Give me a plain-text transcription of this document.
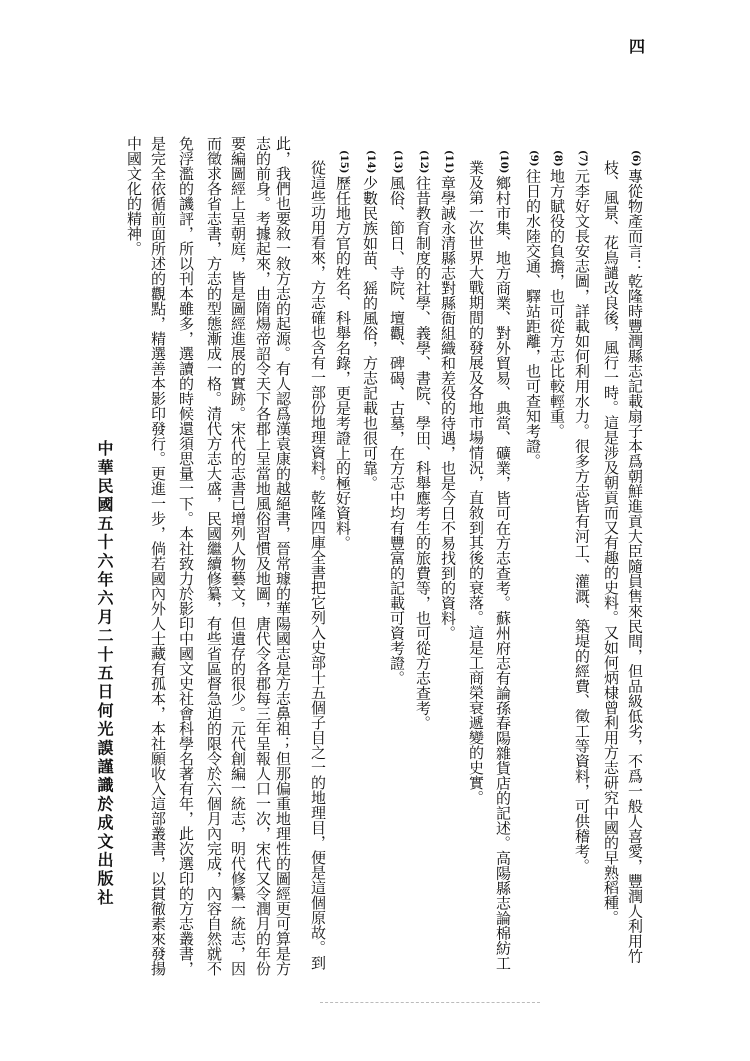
四
(6)專從物產而言：乾隆時豐潤縣志記載扇子本爲朝鮮進貢大臣隨員售來民間，但品級低劣，不爲一般人喜愛，豐潤人利用竹
枝、風景、花鳥譴改良後，風行一時。這是涉及朝貢而又有趣的史料。又如何炳棣曾利用方志研究中國的早熟稻種。
(7)元李好文長安志圖，詳載如何利用水力。很多方志皆有河工、灌溉、築堤的經費、徵工等資料，可供稽考。
(8)地方賦役的負擔，也可從方志比較輕重。
(9)往日的水陸交通、驛站距離，也可查知考證。
(10)鄉村市集、地方商業、對外貿易、典當、礦業，皆可在方志查考。蘇州府志有論孫春陽雜貨店的記述。高陽縣志論棉紡工
業及第一次世界大戰期間的發展及各地市場情況，直敘到其後的衰落。這是工商榮衰遞變的史實。
(11)章學誠永清縣志對縣衙組織和差役的待遇，也是今日不易找到的資料。
(12)往昔教育制度的社學、義學、書院、學田、科舉應考生的旅費等，也可從方志查考。
(13)風俗、節日、寺院、壇觀、碑碣、古墓，在方志中均有豐富的記載可資考證。
(14)少數民族如苗、猺的風俗，方志記載也很可靠。
(15)歷任地方官的姓名、科舉名錄，更是考證上的極好資料。
從這些功用看來，方志確也含有一部份地理資料。乾隆四庫全書把它列入史部十五個子目之一的地理目，便是這個原故。到
此，我們也要敘一敘方志的起源。有人認爲漢袁康的越絕書，晉常璩的華陽國志是方志鼻祖；但那偏重地理性的圖經更可算是方
志的前身。考據起來，由隋煬帝詔令天下各郡上呈當地風俗習慣及地圖，唐代令各郡每三年呈報人口一次，宋代又令潤月的年份
要編圖經上呈朝庭，皆是圖經進展的實跡。宋代的志書已增列人物藝文，但遺存的很少。元代創編一統志，明代修纂一統志，因
而徵求各省志書，方志的型態漸成一格。清代方志大盛，民國繼續修纂，有些省區督急迫的限令於六個月內完成，內容自然就不
免浮濫的譏評，所以刊本雖多，選讀的時候還須思量一下。本社致力於影印中國文史社會科學名著有年，此次選印的方志叢書，
是完全依循前面所述的觀點，精選善本影印發行。更進一步，倘若國內外人士藏有孤本，本社願收入這部叢書，以貫徹素來發揚
中國文化的精神。
中華民國五十六年六月二十五日何光謨謹識於成文出版社
